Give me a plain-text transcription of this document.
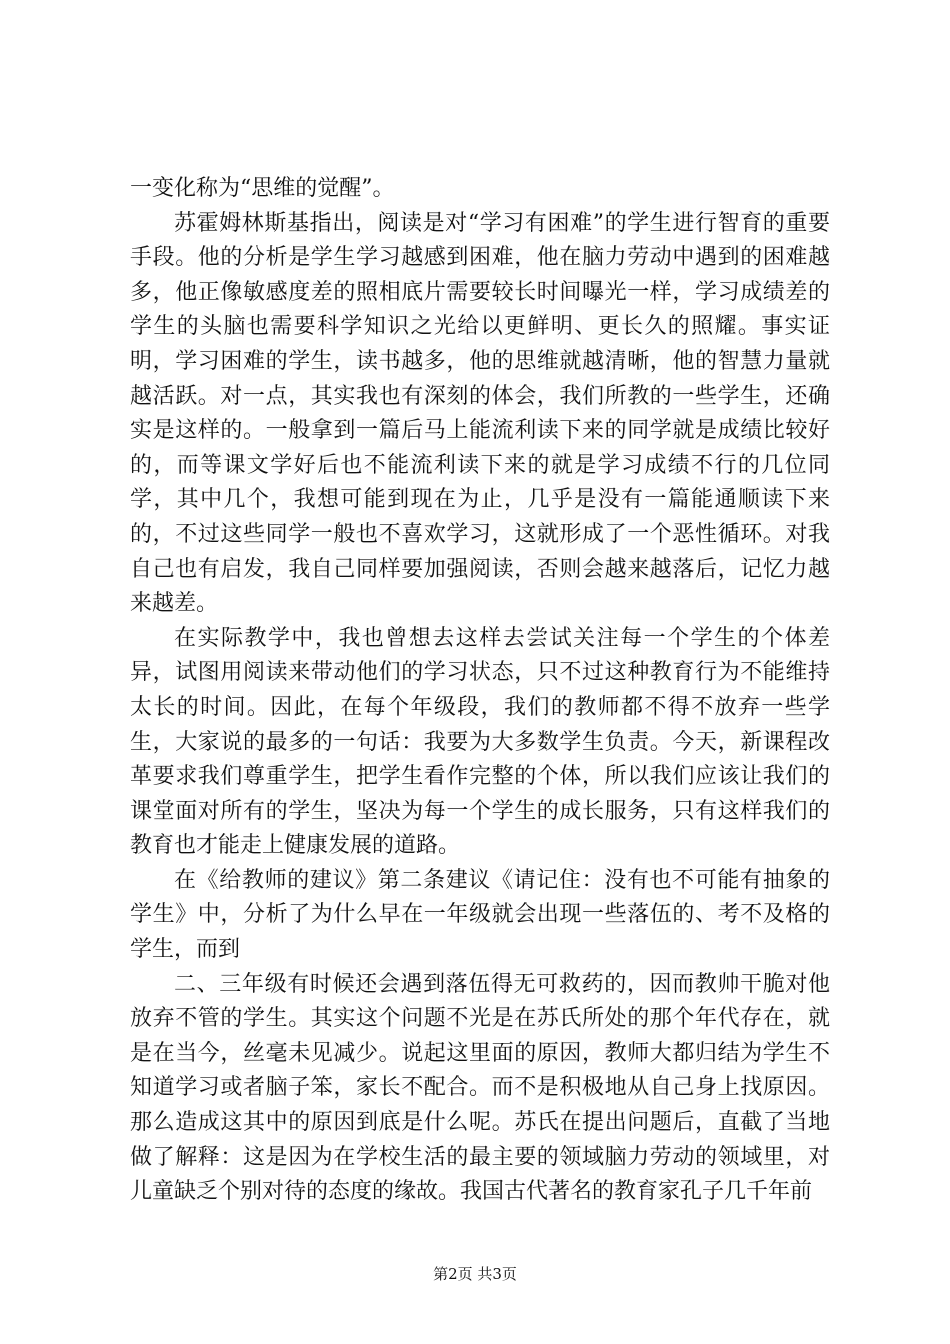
一变化称为“思维的觉醒”。

苏霍姆林斯基指出，阅读是对“学习有困难”的学生进行智育的重要手段。他的分析是学生学习越感到困难，他在脑力劳动中遇到的困难越多，他正像敏感度差的照相底片需要较长时间曝光一样，学习成绩差的学生的头脑也需要科学知识之光给以更鲜明、更长久的照耀。事实证明，学习困难的学生，读书越多，他的思维就越清晰，他的智慧力量就越活跃。对一点，其实我也有深刻的体会，我们所教的一些学生，还确实是这样的。一般拿到一篇后马上能流利读下来的同学就是成绩比较好的，而等课文学好后也不能流利读下来的就是学习成绩不行的几位同学，其中几个，我想可能到现在为止，几乎是没有一篇能通顺读下来的，不过这些同学一般也不喜欢学习，这就形成了一个恶性循环。对我自己也有启发，我自己同样要加强阅读，否则会越来越落后，记忆力越来越差。

在实际教学中，我也曾想去这样去尝试关注每一个学生的个体差异，试图用阅读来带动他们的学习状态，只不过这种教育行为不能维持太长的时间。因此，在每个年级段，我们的教师都不得不放弃一些学生，大家说的最多的一句话：我要为大多数学生负责。今天，新课程改革要求我们尊重学生，把学生看作完整的个体，所以我们应该让我们的课堂面对所有的学生，坚决为每一个学生的成长服务，只有这样我们的教育也才能走上健康发展的道路。

在《给教师的建议》第二条建议《请记住：没有也不可能有抽象的学生》中，分析了为什么早在一年级就会出现一些落伍的、考不及格的学生，而到

二、三年级有时候还会遇到落伍得无可救药的，因而教帅干脆对他放弃不管的学生。其实这个问题不光是在苏氏所处的那个年代存在，就是在当今，丝毫未见减少。说起这里面的原因，教师大都归结为学生不知道学习或者脑子笨，家长不配合。而不是积极地从自己身上找原因。那么造成这其中的原因到底是什么呢。苏氏在提出问题后，直截了当地做了解释：这是因为在学校生活的最主要的领域脑力劳动的领域里，对儿童缺乏个别对待的态度的缘故。我国古代著名的教育家孔子几千年前

第2页 共3页
